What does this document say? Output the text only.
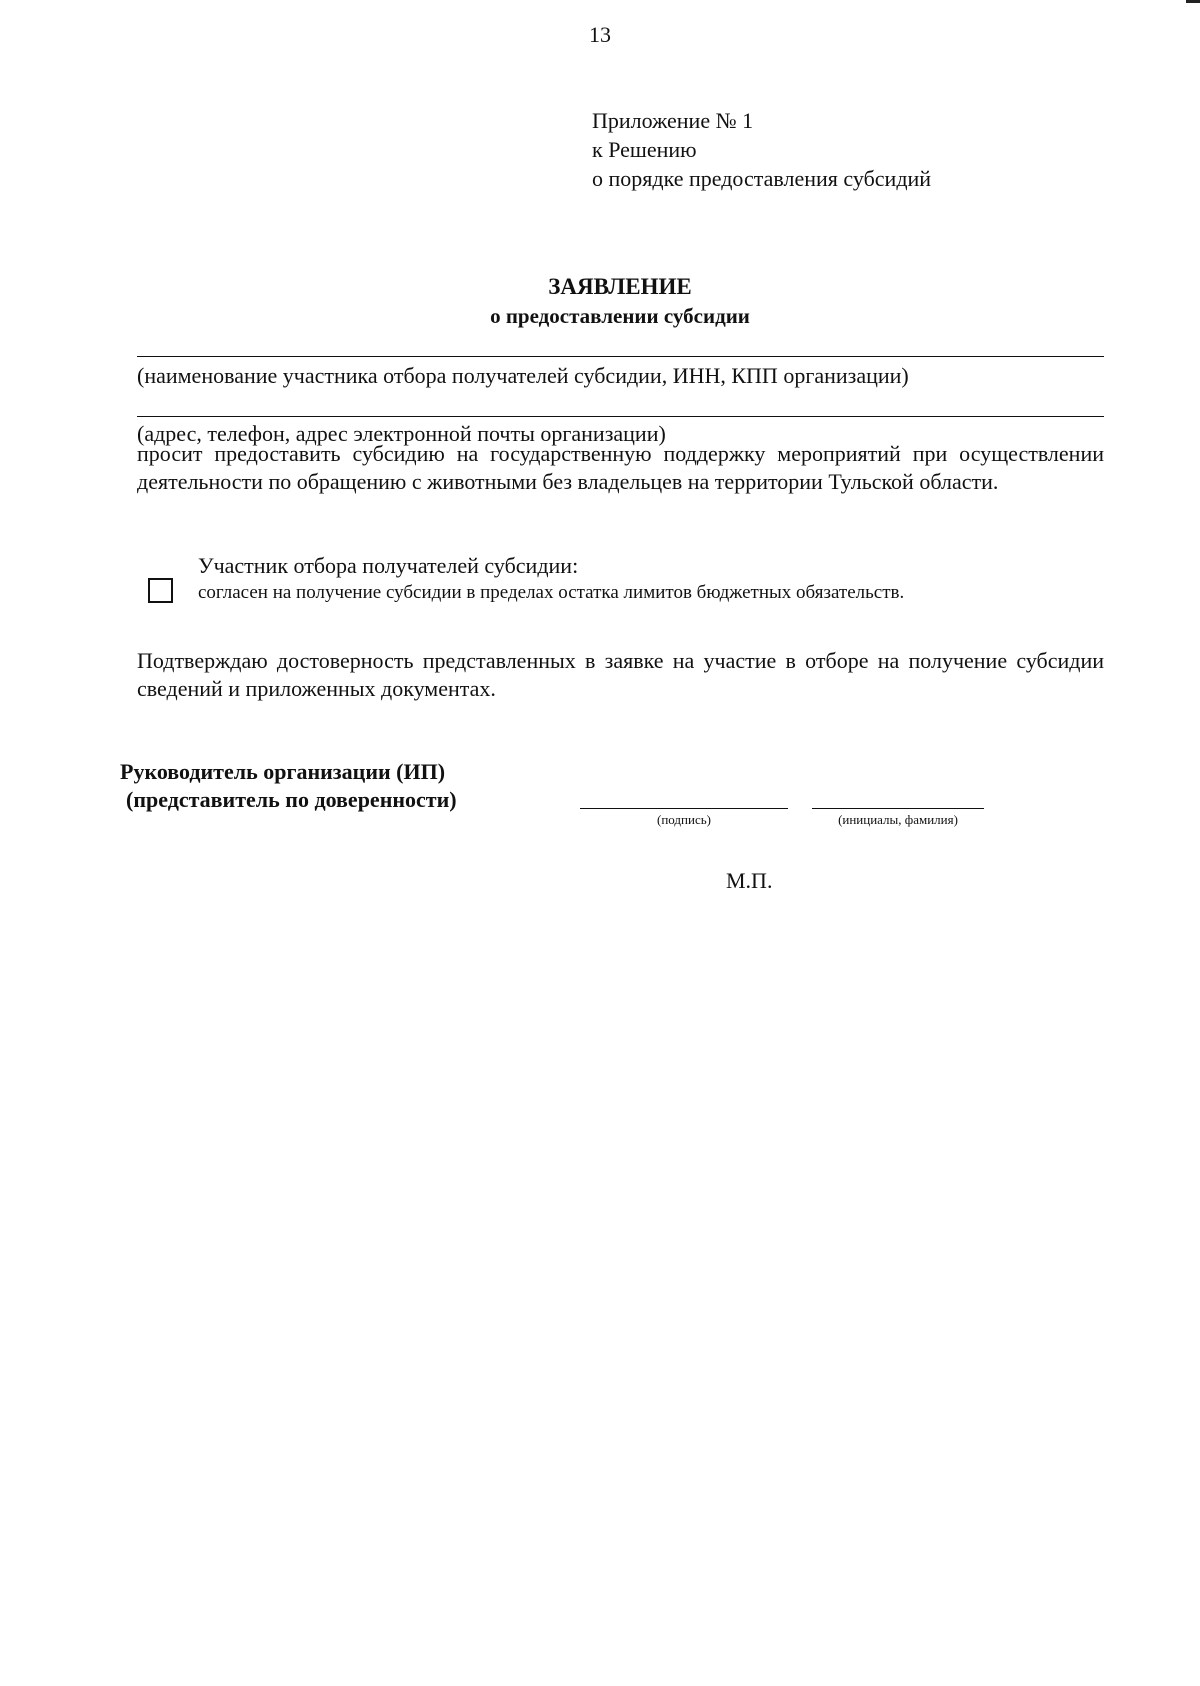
13
Приложение № 1
к Решению
о порядке предоставления субсидий
ЗАЯВЛЕНИЕ
о предоставлении субсидии
(наименование участника отбора получателей субсидии, ИНН, КПП организации)
(адрес, телефон, адрес электронной почты организации)
просит предоставить субсидию на государственную поддержку мероприятий при осуществлении деятельности по обращению с животными без владельцев на территории Тульской области.
Участник отбора получателей субсидии:
согласен на получение субсидии в пределах остатка лимитов бюджетных обязательств.
Подтверждаю достоверность представленных в заявке на участие в отборе на получение субсидии сведений и приложенных документах.
Руководитель организации (ИП)
(представитель по доверенности)
(подпись)	(инициалы, фамилия)
М.П.
